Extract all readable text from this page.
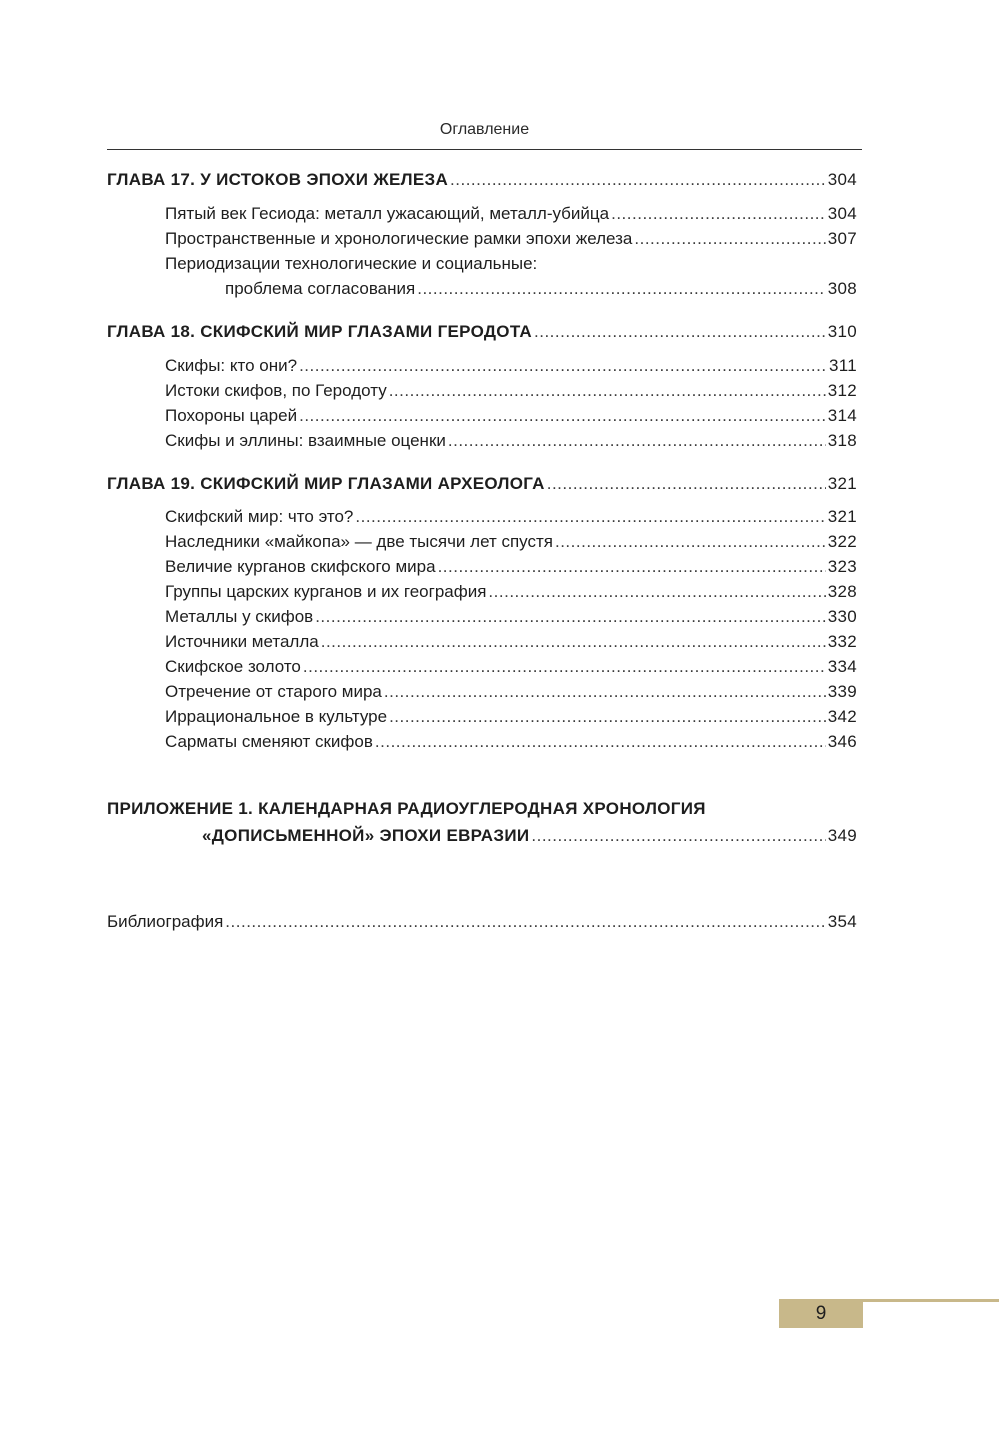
Оглавление
ГЛАВА 17. У ИСТОКОВ ЭПОХИ ЖЕЛЕЗА .....	304
Пятый век Гесиода: металл ужасающий, металл-убийца .....	304
Пространственные и хронологические рамки эпохи железа .....	307
Периодизации технологические и социальные:
проблема согласования .....	308
ГЛАВА 18. СКИФСКИЙ МИР ГЛАЗАМИ ГЕРОДОТА .....	310
Скифы: кто они? .....	311
Истоки скифов, по Геродоту .....	312
Похороны царей .....	314
Скифы и эллины: взаимные оценки .....	318
ГЛАВА 19. СКИФСКИЙ МИР ГЛАЗАМИ АРХЕОЛОГА .....	321
Скифский мир: что это? .....	321
Наследники «майкопа» — две тысячи лет спустя .....	322
Величие курганов скифского мира .....	323
Группы царских курганов и их география .....	328
Металлы у скифов .....	330
Источники металла .....	332
Скифское золото .....	334
Отречение от старого мира .....	339
Иррациональное в культуре .....	342
Сарматы сменяют скифов .....	346
ПРИЛОЖЕНИЕ 1. КАЛЕНДАРНАЯ РАДИОУГЛЕРОДНАЯ ХРОНОЛОГИЯ
«ДОПИСЬМЕННОЙ» ЭПОХИ ЕВРАЗИИ .....	349
Библиография .....	354
9
